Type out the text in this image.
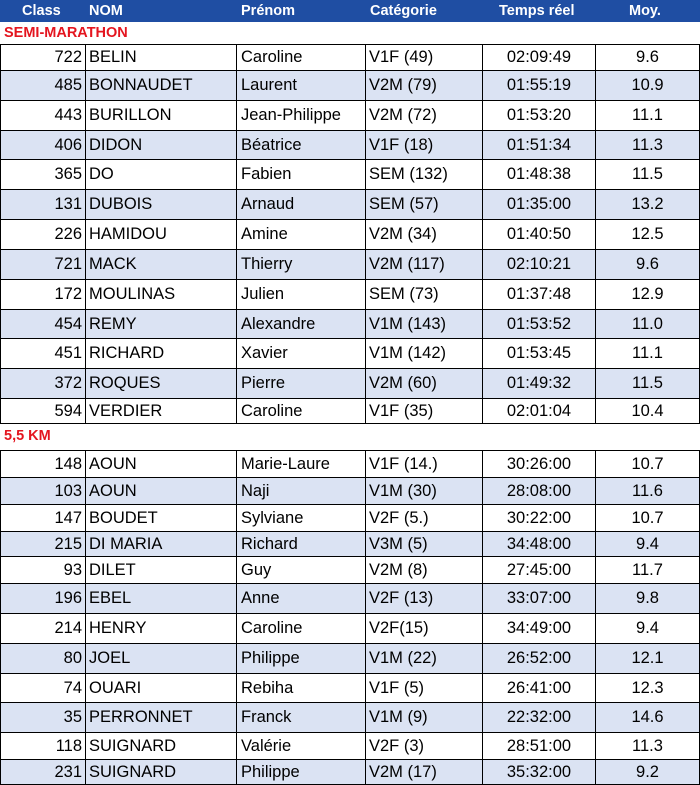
Class	NOM	Prénom	Catégorie	Temps réel	Moy.
SEMI-MARATHON
722 BELIN	Caroline	V1F (49)	02:09:49	9.6
485 BONNAUDET	Laurent	V2M (79)	01:55:19	10.9
443 BURILLON	Jean-Philippe	V2M (72)	01:53:20	11.1
406 DIDON	Béatrice	V1F (18)	01:51:34	11.3
365 DO	Fabien	SEM (132)	01:48:38	11.5
131 DUBOIS	Arnaud	SEM (57)	01:35:00	13.2
226 HAMIDOU	Amine	V2M (34)	01:40:50	12.5
721 MACK	Thierry	V2M (117)	02:10:21	9.6
172 MOULINAS	Julien	SEM (73)	01:37:48	12.9
454 REMY	Alexandre	V1M (143)	01:53:52	11.0
451 RICHARD	Xavier	V1M (142)	01:53:45	11.1
372 ROQUES	Pierre	V2M (60)	01:49:32	11.5
594 VERDIER	Caroline	V1F (35)	02:01:04	10.4
5,5 KM
148 AOUN	Marie-Laure	V1F (14.)	30:26:00	10.7
103 AOUN	Naji	V1M (30)	28:08:00	11.6
147 BOUDET	Sylviane	V2F (5.)	30:22:00	10.7
215 DI MARIA	Richard	V3M (5)	34:48:00	9.4
93 DILET	Guy	V2M (8)	27:45:00	11.7
196 EBEL	Anne	V2F (13)	33:07:00	9.8
214 HENRY	Caroline	V2F(15)	34:49:00	9.4
80 JOEL	Philippe	V1M (22)	26:52:00	12.1
74 OUARI	Rebiha	V1F (5)	26:41:00	12.3
35 PERRONNET	Franck	V1M (9)	22:32:00	14.6
118 SUIGNARD	Valérie	V2F (3)	28:51:00	11.3
231 SUIGNARD	Philippe	V2M (17)	35:32:00	9.2
